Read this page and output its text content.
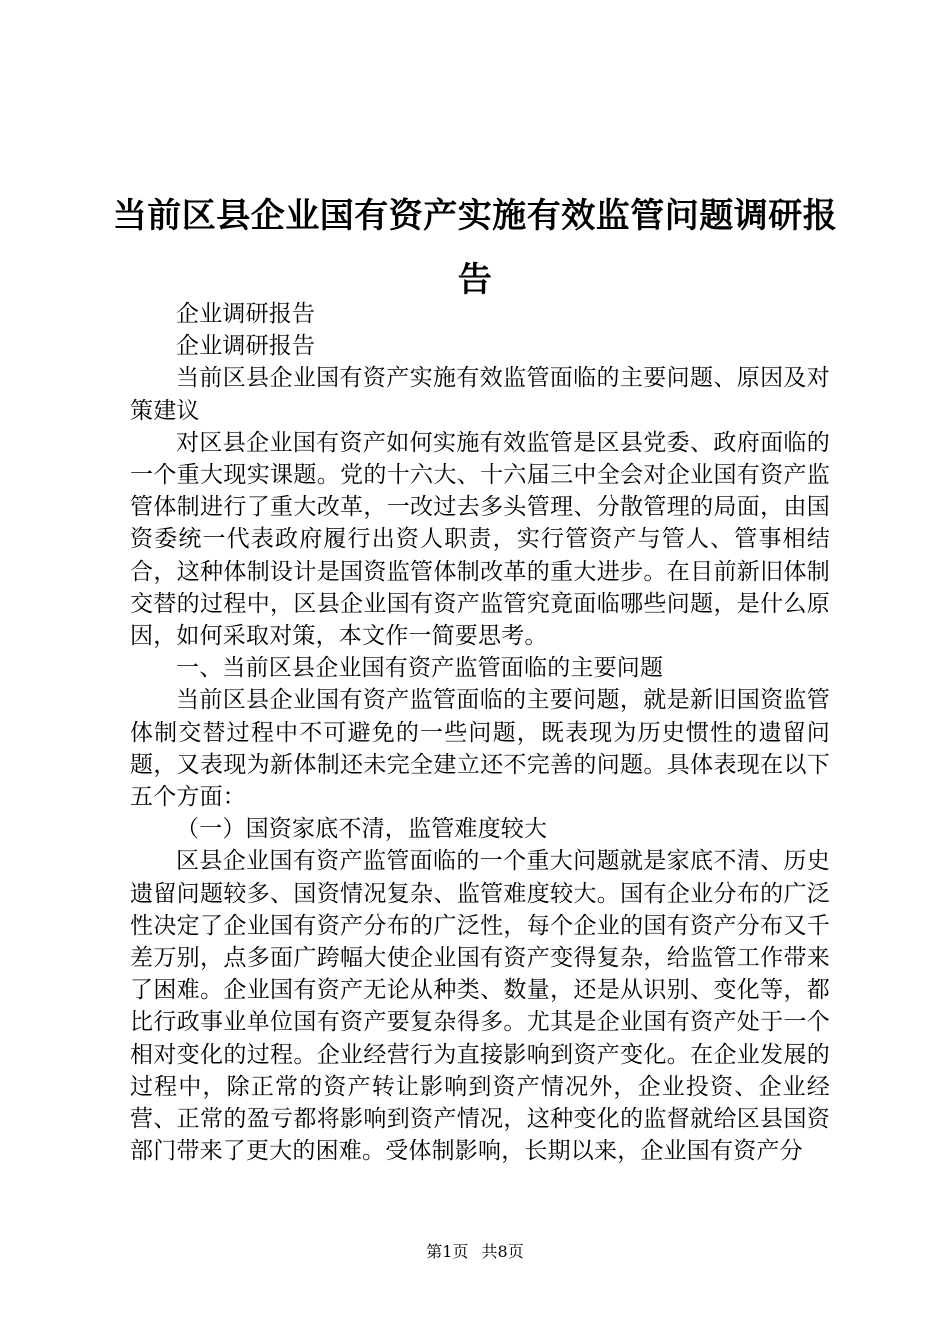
当前区县企业国有资产实施有效监管问题调研报告

企业调研报告

企业调研报告

当前区县企业国有资产实施有效监管面临的主要问题、原因及对策建议

对区县企业国有资产如何实施有效监管是区县党委、政府面临的一个重大现实课题。党的十六大、十六届三中全会对企业国有资产监管体制进行了重大改革，一改过去多头管理、分散管理的局面，由国资委统一代表政府履行出资人职责，实行管资产与管人、管事相结合，这种体制设计是国资监管体制改革的重大进步。在目前新旧体制交替的过程中，区县企业国有资产监管究竟面临哪些问题，是什么原因，如何采取对策，本文作一简要思考。

一、当前区县企业国有资产监管面临的主要问题

当前区县企业国有资产监管面临的主要问题，就是新旧国资监管体制交替过程中不可避免的一些问题，既表现为历史惯性的遗留问题，又表现为新体制还未完全建立还不完善的问题。具体表现在以下五个方面：

（一）国资家底不清，监管难度较大

区县企业国有资产监管面临的一个重大问题就是家底不清、历史遗留问题较多、国资情况复杂、监管难度较大。国有企业分布的广泛性决定了企业国有资产分布的广泛性，每个企业的国有资产分布又千差万别，点多面广跨幅大使企业国有资产变得复杂，给监管工作带来了困难。企业国有资产无论从种类、数量，还是从识别、变化等，都比行政事业单位国有资产要复杂得多。尤其是企业国有资产处于一个相对变化的过程。企业经营行为直接影响到资产变化。在企业发展的过程中，除正常的资产转让影响到资产情况外，企业投资、企业经营、正常的盈亏都将影响到资产情况，这种变化的监督就给区县国资部门带来了更大的困难。受体制影响，长期以来，企业国有资产分

第1页 共8页
